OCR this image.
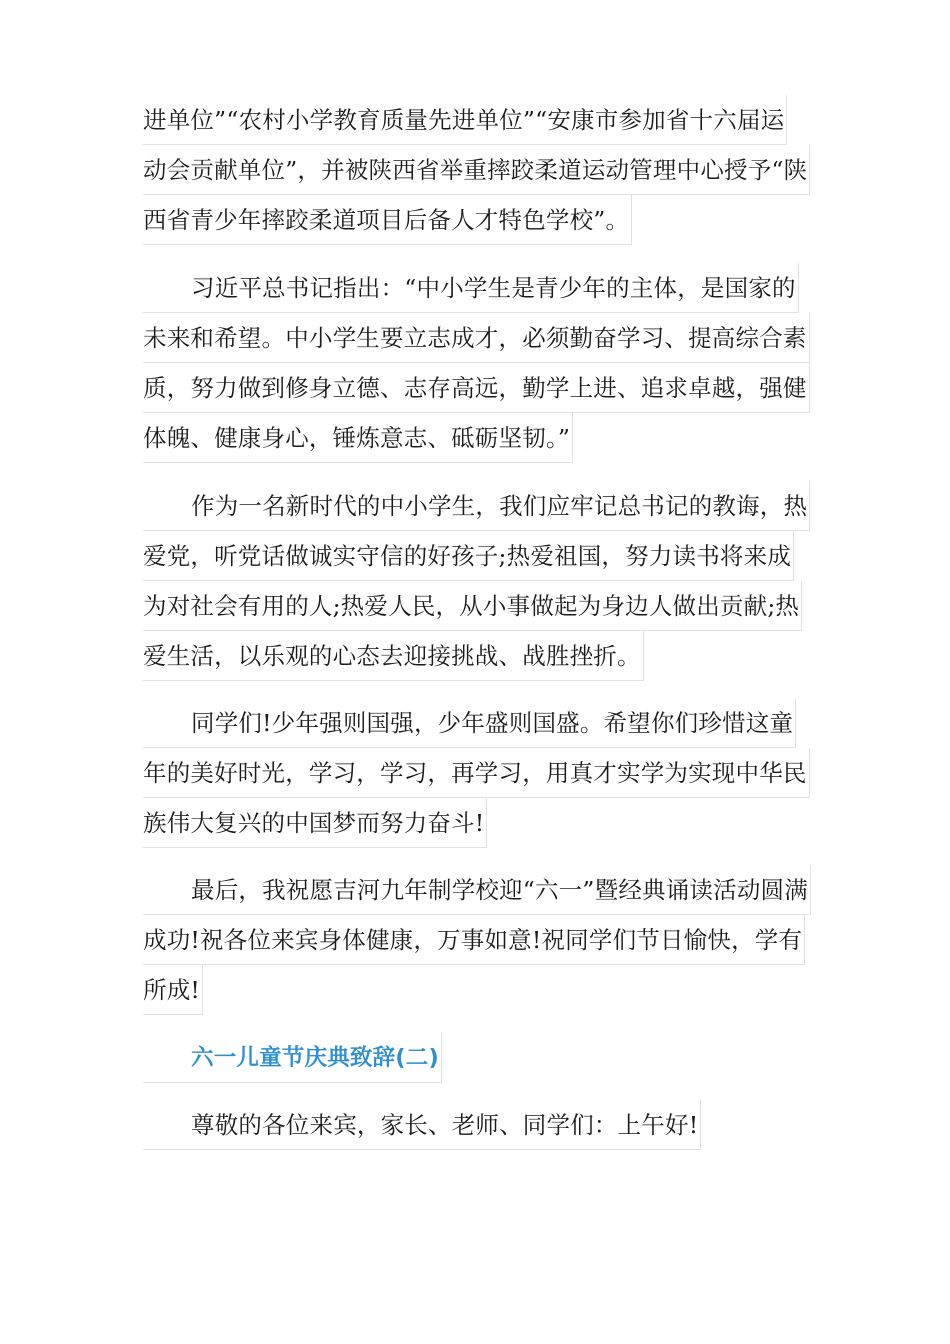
进单位”“农村小学教育质量先进单位”“安康市参加省十六届运
动会贡献单位”，并被陕西省举重摔跤柔道运动管理中心授予“陕
西省青少年摔跤柔道项目后备人才特色学校”。
习近平总书记指出：“中小学生是青少年的主体，是国家的
未来和希望。中小学生要立志成才，必须勤奋学习、提高综合素
质，努力做到修身立德、志存高远，勤学上进、追求卓越，强健
体魄、健康身心，锤炼意志、砥砺坚韧。”
作为一名新时代的中小学生，我们应牢记总书记的教诲，热
爱党，听党话做诚实守信的好孩子;热爱祖国，努力读书将来成
为对社会有用的人;热爱人民，从小事做起为身边人做出贡献;热
爱生活，以乐观的心态去迎接挑战、战胜挫折。
同学们!少年强则国强，少年盛则国盛。希望你们珍惜这童
年的美好时光，学习，学习，再学习，用真才实学为实现中华民
族伟大复兴的中国梦而努力奋斗!
最后，我祝愿吉河九年制学校迎“六一”暨经典诵读活动圆满
成功!祝各位来宾身体健康，万事如意!祝同学们节日愉快，学有
所成!
六一儿童节庆典致辞(二)
尊敬的各位来宾，家长、老师、同学们：上午好!
